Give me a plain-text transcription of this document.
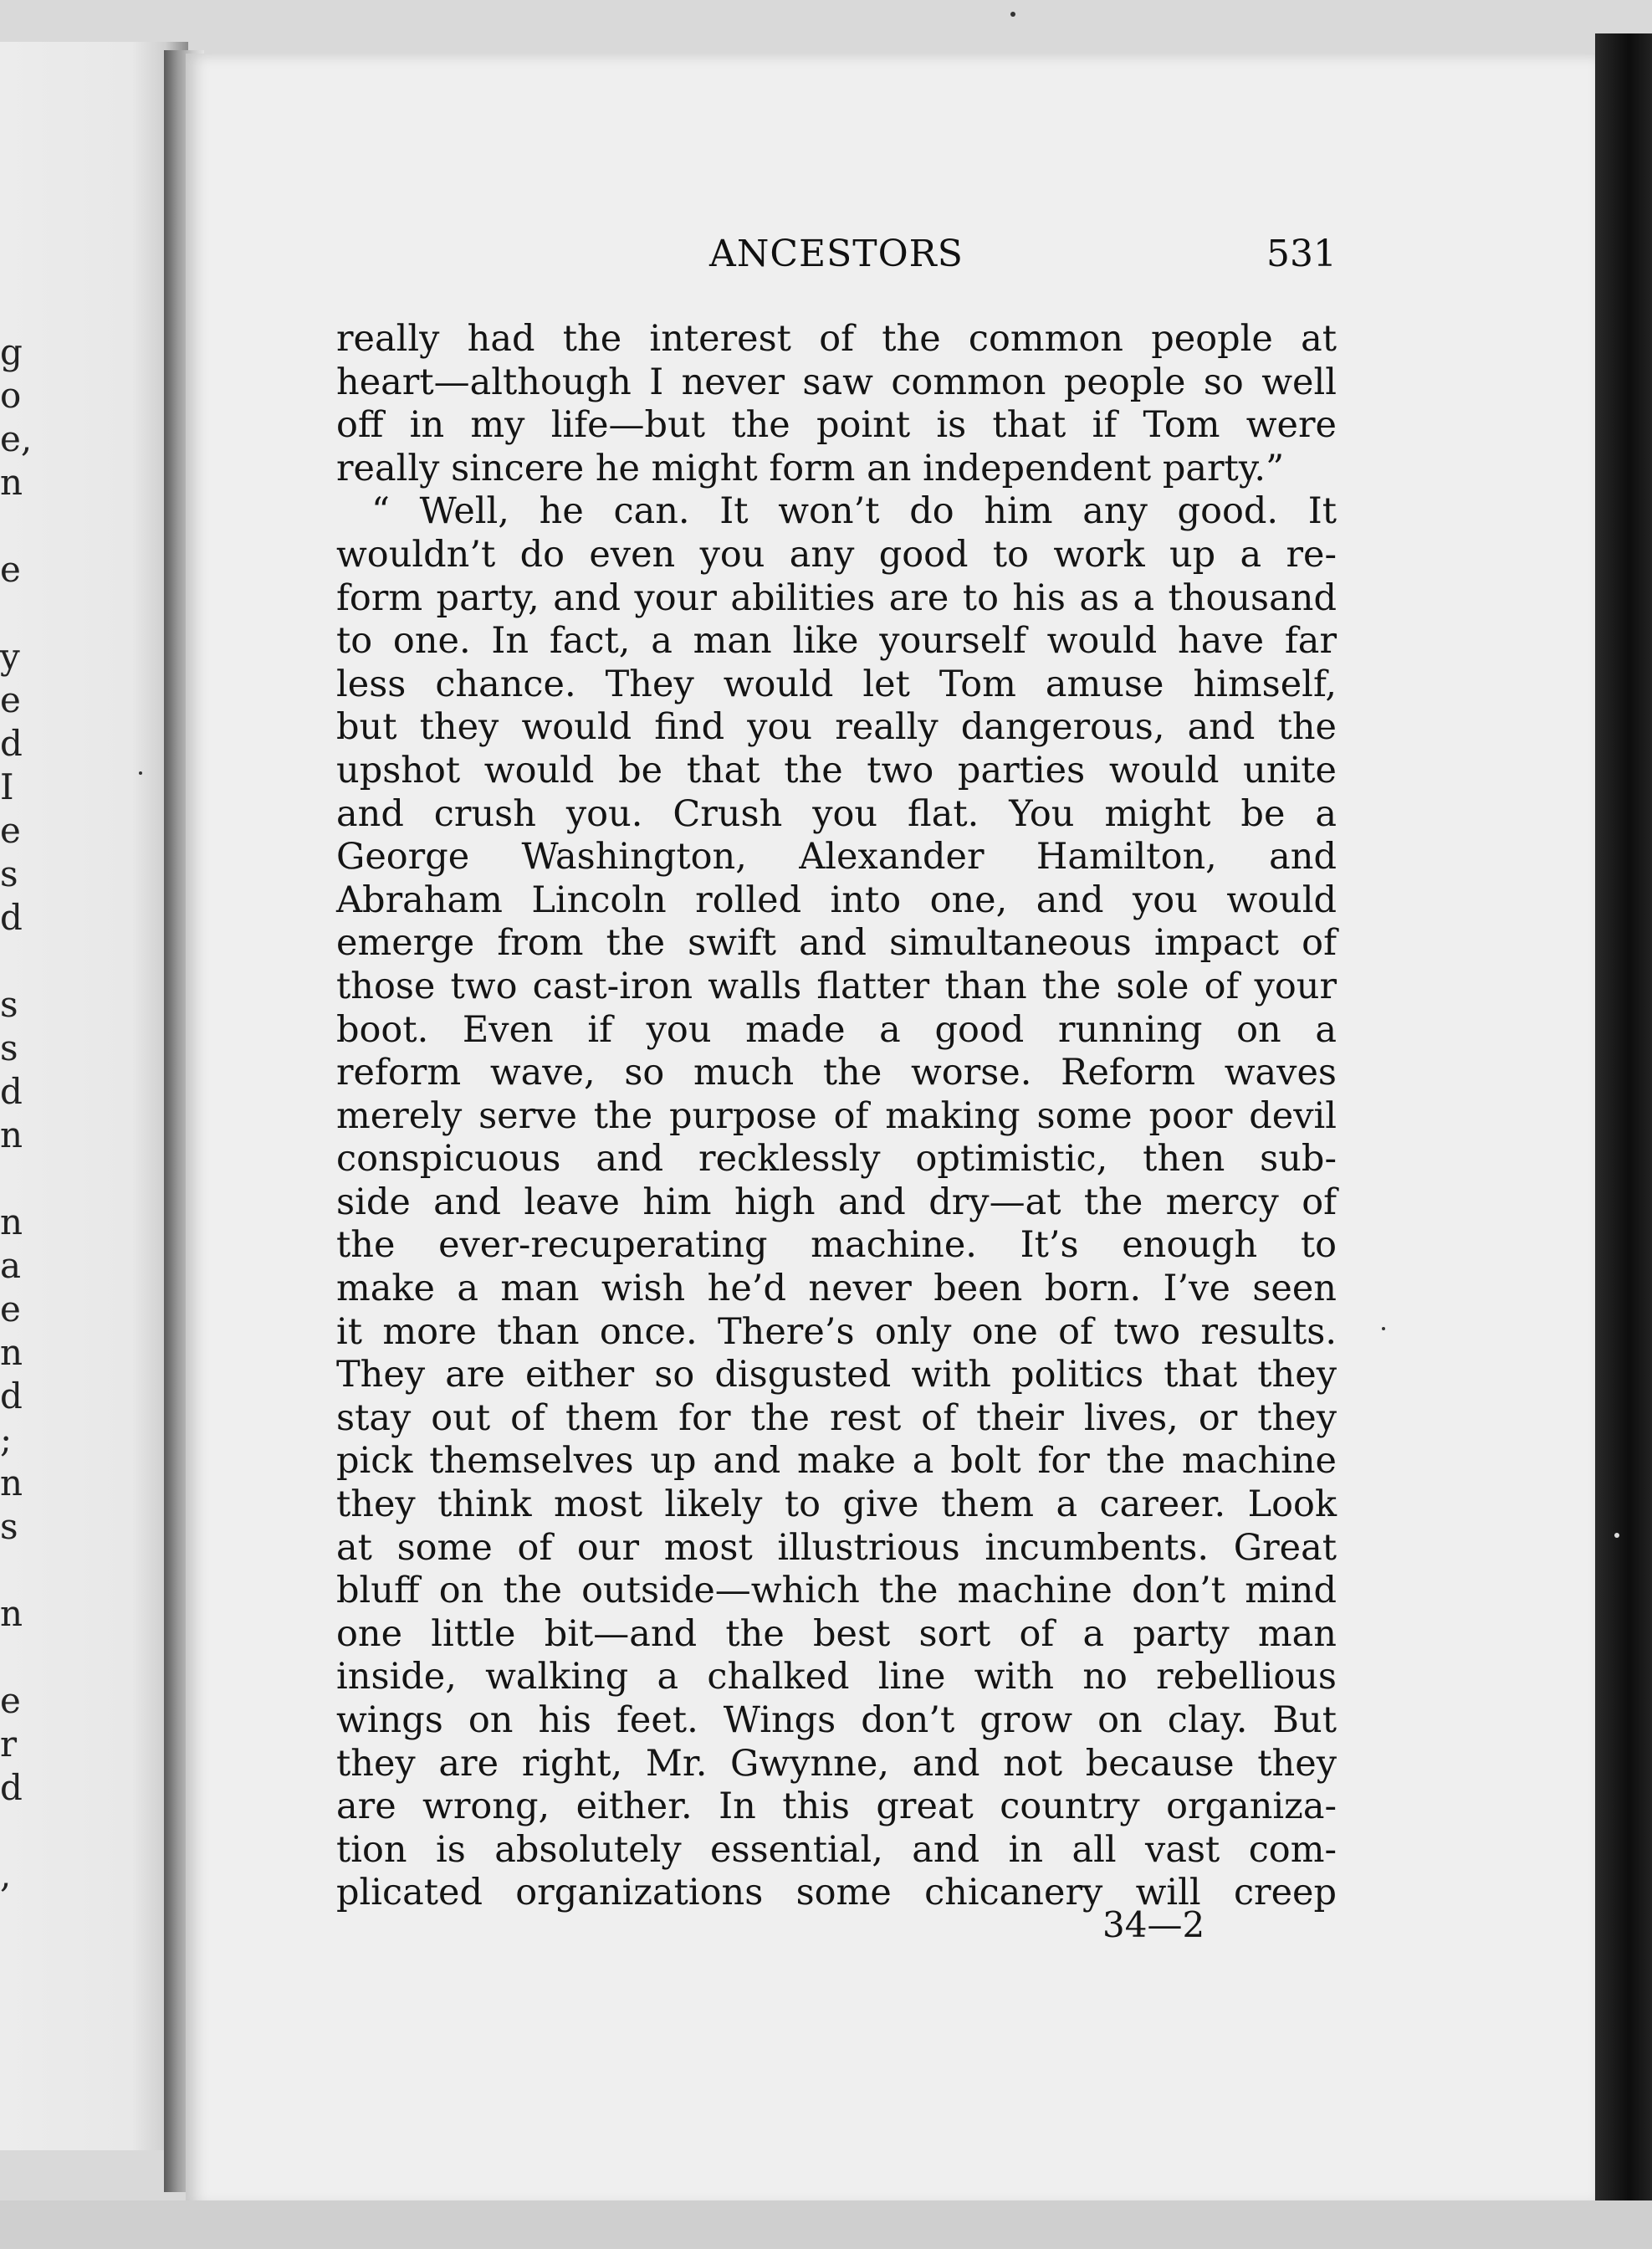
g
o
e,
n
e
y
e
d
I
e
s
d
s
s
d
n
n
a
e
n
d
;
n
s
n
e
r
d
,
ANCESTORS	531
really had the interest of the common people at
heart—although I never saw common people so well
off in my life—but the point is that if Tom were
really sincere he might form an independent party.”
“ Well, he can. It won’t do him any good. It
wouldn’t do even you any good to work up a re-
form party, and your abilities are to his as a thousand
to one. In fact, a man like yourself would have far
less chance. They would let Tom amuse himself,
but they would find you really dangerous, and the
upshot would be that the two parties would unite
and crush you. Crush you flat. You might be a
George Washington, Alexander Hamilton, and
Abraham Lincoln rolled into one, and you would
emerge from the swift and simultaneous impact of
those two cast-iron walls flatter than the sole of your
boot. Even if you made a good running on a
reform wave, so much the worse. Reform waves
merely serve the purpose of making some poor devil
conspicuous and recklessly optimistic, then sub-
side and leave him high and dry—at the mercy of
the ever-recuperating machine. It’s enough to
make a man wish he’d never been born. I’ve seen
it more than once. There’s only one of two results.
They are either so disgusted with politics that they
stay out of them for the rest of their lives, or they
pick themselves up and make a bolt for the machine
they think most likely to give them a career. Look
at some of our most illustrious incumbents. Great
bluff on the outside—which the machine don’t mind
one little bit—and the best sort of a party man
inside, walking a chalked line with no rebellious
wings on his feet. Wings don’t grow on clay. But
they are right, Mr. Gwynne, and not because they
are wrong, either. In this great country organiza-
tion is absolutely essential, and in all vast com-
plicated organizations some chicanery will creep
34—2
